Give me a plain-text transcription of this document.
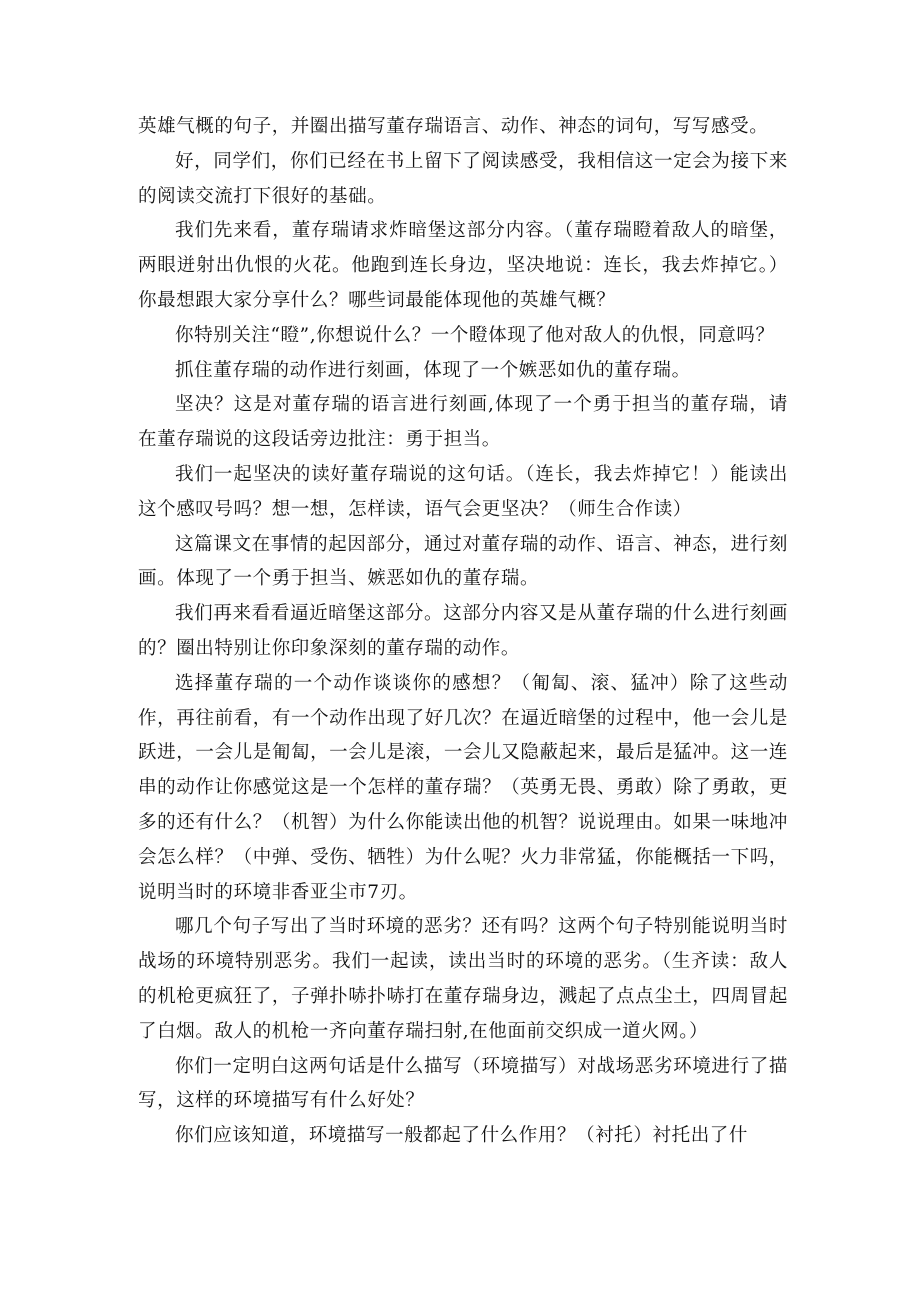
英雄气概的句子，并圈出描写董存瑞语言、动作、神态的词句，写写感受。

好，同学们，你们已经在书上留下了阅读感受，我相信这一定会为接下来的阅读交流打下很好的基础。

我们先来看，董存瑞请求炸暗堡这部分内容。（董存瑞瞪着敌人的暗堡，两眼迸射出仇恨的火花。他跑到连长身边，坚决地说：连长，我去炸掉它。）你最想跟大家分享什么？哪些词最能体现他的英雄气概？

你特别关注“瞪”,你想说什么？一个瞪体现了他对敌人的仇恨，同意吗？

抓住董存瑞的动作进行刻画，体现了一个嫉恶如仇的董存瑞。

坚决？这是对董存瑞的语言进行刻画,体现了一个勇于担当的董存瑞，请在董存瑞说的这段话旁边批注：勇于担当。

我们一起坚决的读好董存瑞说的这句话。（连长，我去炸掉它！）能读出这个感叹号吗？想一想，怎样读，语气会更坚决？（师生合作读）

这篇课文在事情的起因部分，通过对董存瑞的动作、语言、神态，进行刻画。体现了一个勇于担当、嫉恶如仇的董存瑞。

我们再来看看逼近暗堡这部分。这部分内容又是从董存瑞的什么进行刻画的？圈出特别让你印象深刻的董存瑞的动作。

选择董存瑞的一个动作谈谈你的感想？（匍匐、滚、猛冲）除了这些动作，再往前看，有一个动作出现了好几次？在逼近暗堡的过程中，他一会儿是跃进，一会儿是匍匐，一会儿是滚，一会儿又隐蔽起来，最后是猛冲。这一连串的动作让你感觉这是一个怎样的董存瑞？（英勇无畏、勇敢）除了勇敢，更多的还有什么？（机智）为什么你能读出他的机智？说说理由。如果一味地冲会怎么样？（中弹、受伤、牺牲）为什么呢？火力非常猛，你能概括一下吗，说明当时的环境非香亚尘市7刃。

哪几个句子写出了当时环境的恶劣？还有吗？这两个句子特别能说明当时战场的环境特别恶劣。我们一起读，读出当时的环境的恶劣。（生齐读：敌人的机枪更疯狂了，子弹扑哧扑哧打在董存瑞身边，溅起了点点尘土，四周冒起了白烟。敌人的机枪一齐向董存瑞扫射,在他面前交织成一道火网。）

你们一定明白这两句话是什么描写（环境描写）对战场恶劣环境进行了描写，这样的环境描写有什么好处？

你们应该知道，环境描写一般都起了什么作用？（衬托）衬托出了什
